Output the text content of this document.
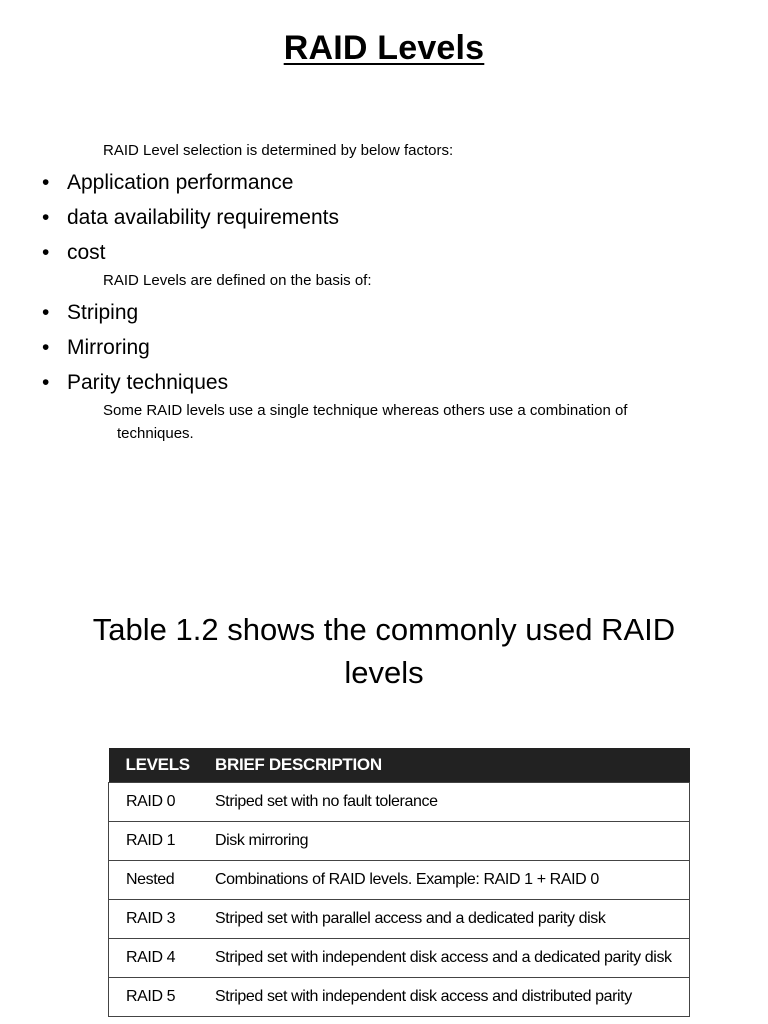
RAID Levels
RAID Level selection is determined by below factors:
• Application performance
• data availability requirements
• cost
RAID Levels are defined on the basis of:
• Striping
• Mirroring
• Parity techniques
Some RAID levels use a single technique whereas others use a combination of
techniques.
Table 1.2 shows the commonly used RAID
levels
LEVELS	BRIEF DESCRIPTION
RAID 0	Striped set with no fault tolerance
RAID 1	Disk mirroring
Nested	Combinations of RAID levels. Example: RAID 1 + RAID 0
RAID 3	Striped set with parallel access and a dedicated parity disk
RAID 4	Striped set with independent disk access and a dedicated parity disk
RAID 5	Striped set with independent disk access and distributed parity
